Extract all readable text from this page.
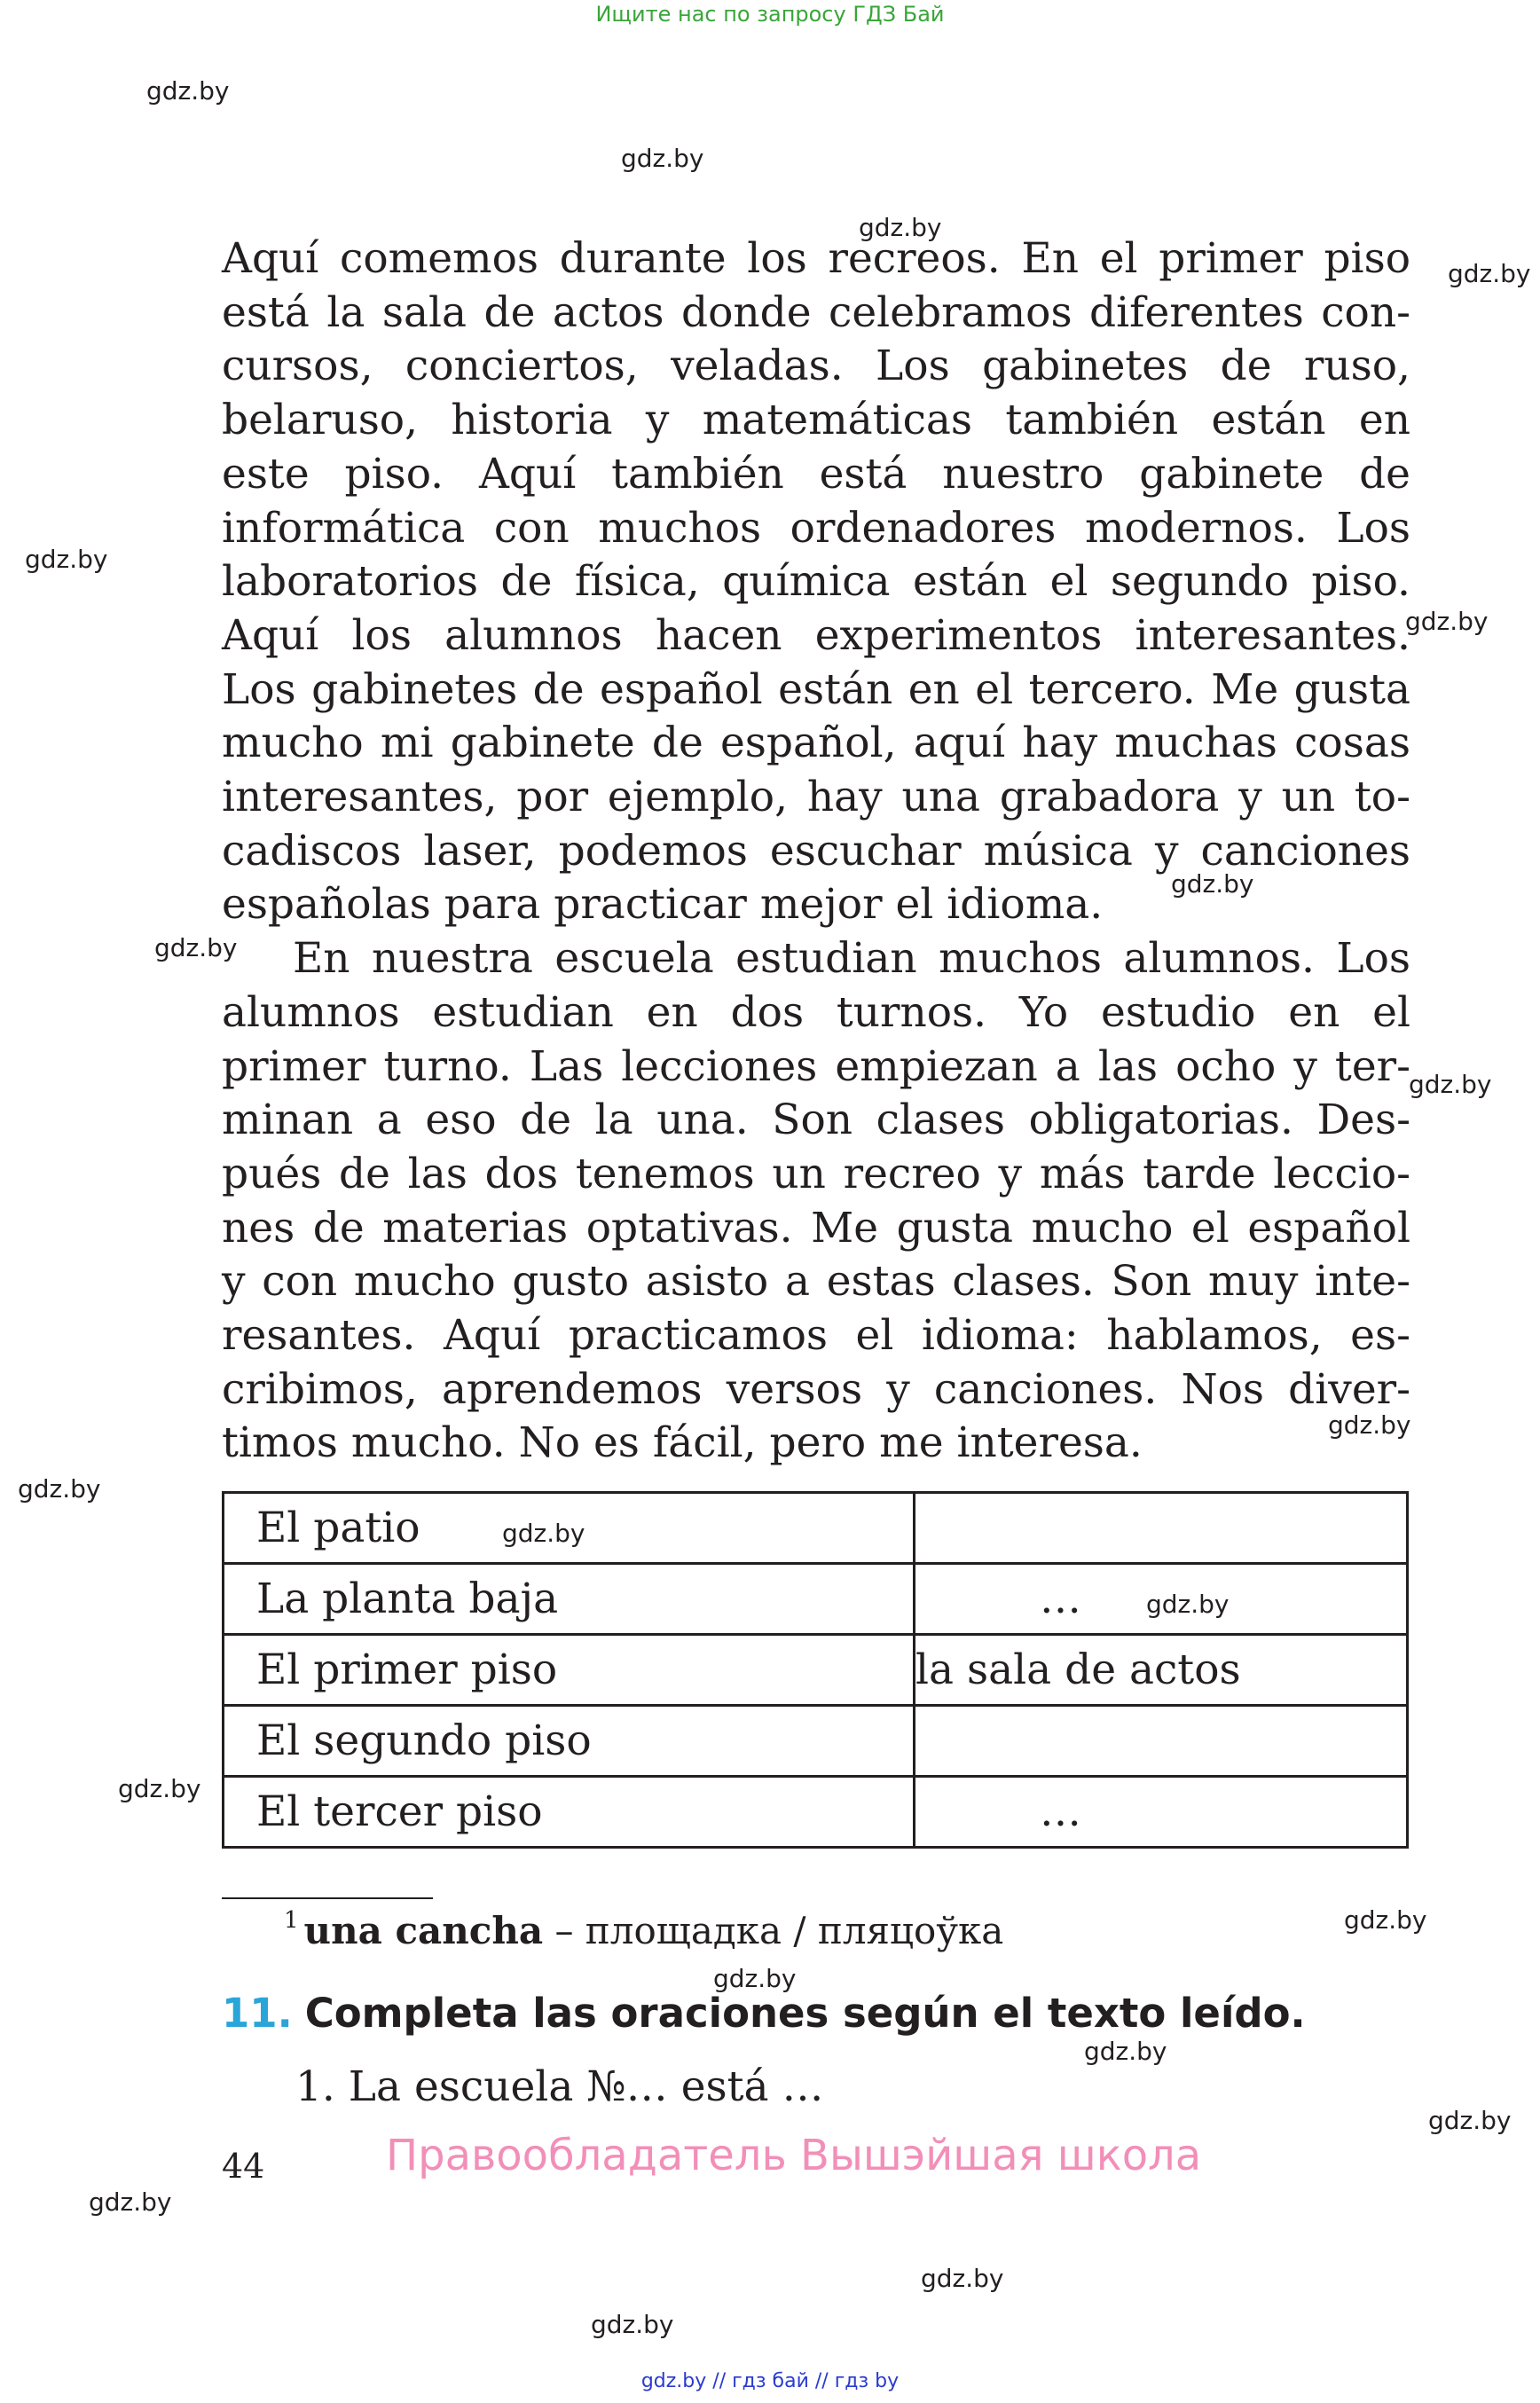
Ищите нас по запросу ГДЗ Бай
Aquí comemos durante los recreos. En el primer piso
está la sala de actos donde celebramos diferentes con-
cursos, conciertos, veladas. Los gabinetes de ruso,
belaruso, historia y matemáticas también están en
este piso. Aquí también está nuestro gabinete de
informática con muchos ordenadores modernos. Los
laboratorios de física, química están el segundo piso.
Aquí los alumnos hacen experimentos interesantes.
Los gabinetes de español están en el tercero. Me gusta
mucho mi gabinete de español, aquí hay muchas cosas
interesantes, por ejemplo, hay una grabadora y un to-
cadiscos laser, podemos escuchar música y canciones
españolas para practicar mejor el idioma.
En nuestra escuela estudian muchos alumnos. Los
alumnos estudian en dos turnos. Yo estudio en el
primer turno. Las lecciones empiezan a las ocho y ter-
minan a eso de la una. Son clases obligatorias. Des-
pués de las dos tenemos un recreo y más tarde leccio-
nes de materias optativas. Me gusta mucho el español
y con mucho gusto asisto a estas clases. Son muy inte-
resantes. Aquí practicamos el idioma: hablamos, es-
cribimos, aprendemos versos y canciones. Nos diver-
timos mucho. No es fácil, pero me interesa.
El patio	
La planta baja	…
El primer piso	la sala de actos
El segundo piso	
El tercer piso	…
$^1$ una cancha – площадка / пляцоўка
11. Completa las oraciones según el texto leído.
1. La escuela №… está …
44	Правообладатель Вышэйшая школа
gdz.by
gdz.by
gdz.by
gdz.by
gdz.by
gdz.by
gdz.by
gdz.by
gdz.by
gdz.by
gdz.by
gdz.by
gdz.by
gdz.by
gdz.by
gdz.by
gdz.by
gdz.by
gdz.by
gdz.by
gdz.by
gdz.by // гдз бай // гдз by
